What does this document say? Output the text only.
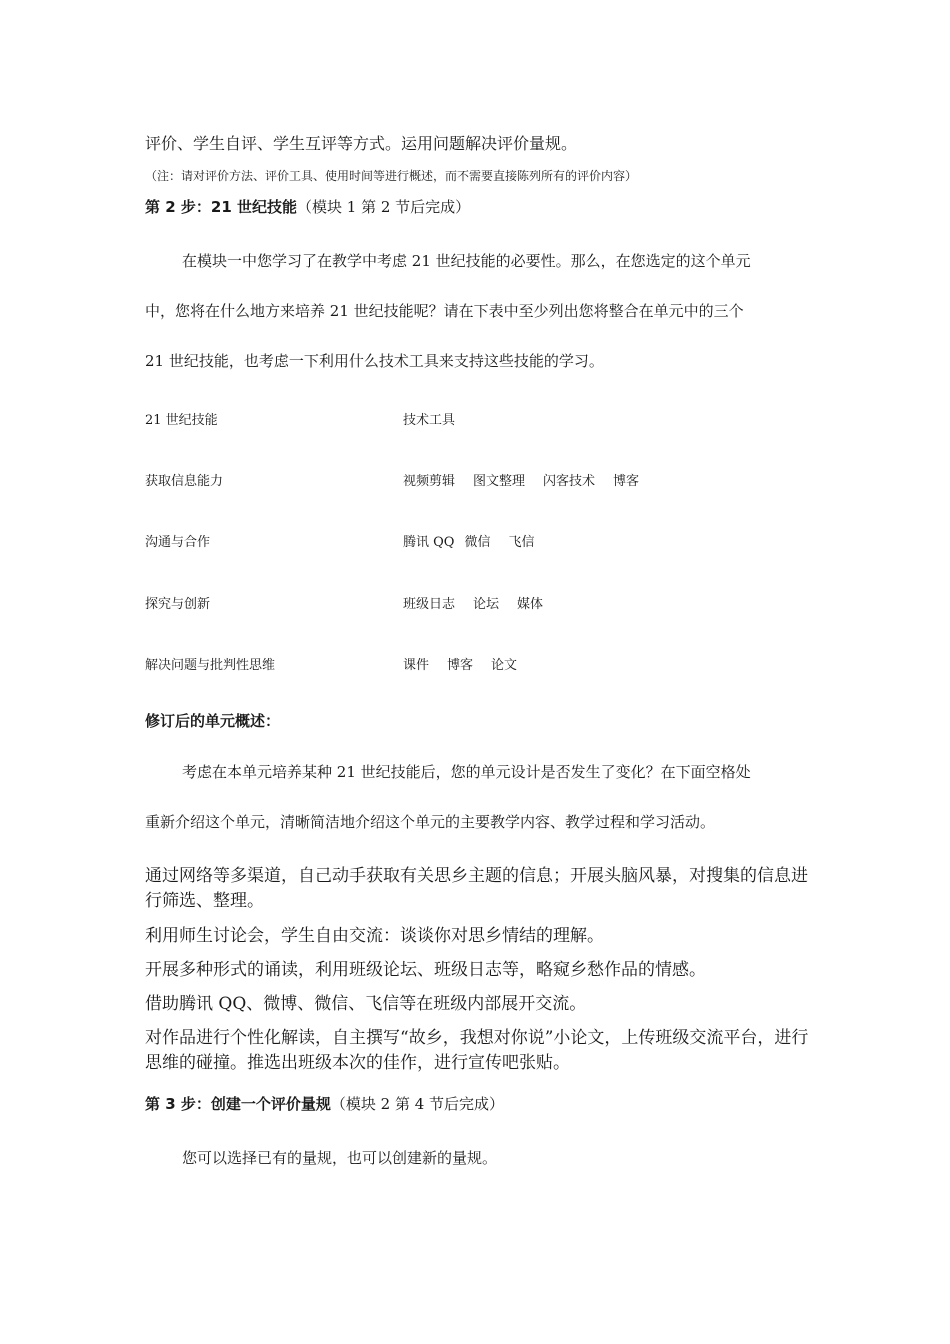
评价、学生自评、学生互评等方式。运用问题解决评价量规。
（注：请对评价方法、评价工具、使用时间等进行概述，而不需要直接陈列所有的评价内容）
第 2 步：21 世纪技能（模块 1 第 2 节后完成）
在模块一中您学习了在教学中考虑 21 世纪技能的必要性。那么，在您选定的这个单元
中，您将在什么地方来培养 21 世纪技能呢？请在下表中至少列出您将整合在单元中的三个
21 世纪技能，也考虑一下利用什么技术工具来支持这些技能的学习。
21 世纪技能	技术工具
获取信息能力	视频剪辑 图文整理 闪客技术 博客
沟通与合作	腾讯 QQ 微信 飞信
探究与创新	班级日志 论坛 媒体
解决问题与批判性思维	课件 博客 论文
修订后的单元概述：
考虑在本单元培养某种 21 世纪技能后，您的单元设计是否发生了变化？在下面空格处
重新介绍这个单元，清晰简洁地介绍这个单元的主要教学内容、教学过程和学习活动。
通过网络等多渠道，自己动手获取有关思乡主题的信息；开展头脑风暴，对搜集的信息进行筛选、整理。
利用师生讨论会，学生自由交流：谈谈你对思乡情结的理解。
开展多种形式的诵读，利用班级论坛、班级日志等，略窥乡愁作品的情感。
借助腾讯 QQ、微博、微信、飞信等在班级内部展开交流。
对作品进行个性化解读，自主撰写“故乡，我想对你说”小论文，上传班级交流平台，进行思维的碰撞。推选出班级本次的佳作，进行宣传吧张贴。
第 3 步：创建一个评价量规（模块 2 第 4 节后完成）
您可以选择已有的量规，也可以创建新的量规。
